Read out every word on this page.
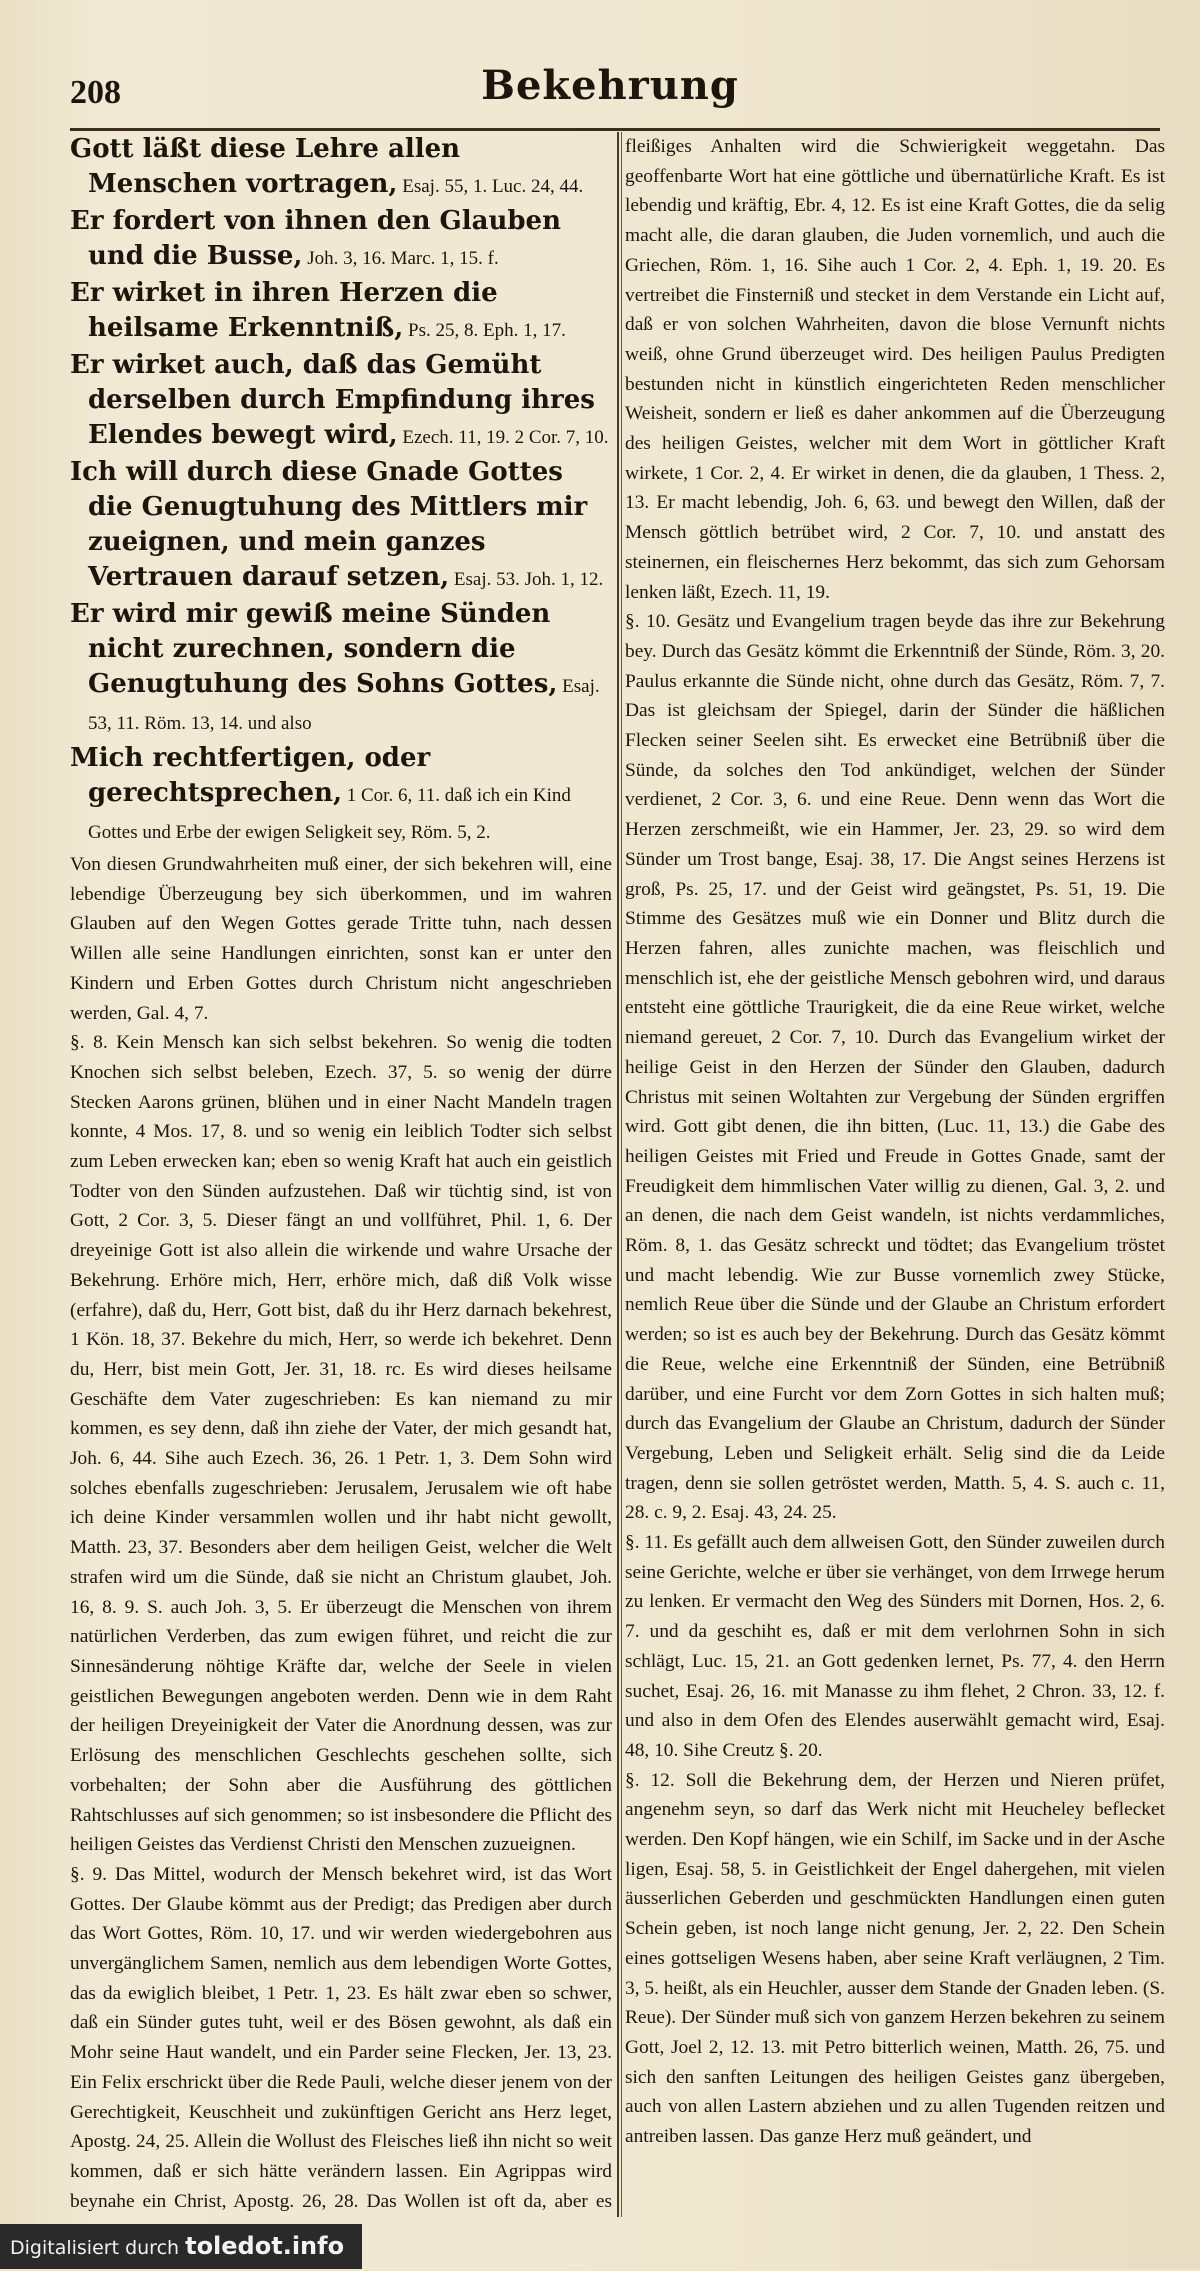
208	Bekehrung

Gott läßt diese Lehre allen Menschen vortragen, Esaj. 55, 1. Luc. 24, 44.

Er fordert von ihnen den Glauben und die Busse, Joh. 3, 16. Marc. 1, 15. f.

Er wirket in ihren Herzen die heilsame Erkenntniß, Ps. 25, 8. Eph. 1, 17.

Er wirket auch, daß das Gemüht derselben durch Empfindung ihres Elendes bewegt wird, Ezech. 11, 19. 2 Cor. 7, 10.

Ich will durch diese Gnade Gottes die Genugtuhung des Mittlers mir zueignen, und mein ganzes Vertrauen darauf setzen, Esaj. 53. Joh. 1, 12.

Er wird mir gewiß meine Sünden nicht zurechnen, sondern die Genugtuhung des Sohns Gottes, Esaj. 53, 11. Röm. 13, 14. und also

Mich rechtfertigen, oder gerechtsprechen, 1 Cor. 6, 11. daß ich ein Kind Gottes und Erbe der ewigen Seligkeit sey, Röm. 5, 2.

Von diesen Grundwahrheiten muß einer, der sich bekehren will, eine lebendige Überzeugung bey sich überkommen, und im wahren Glauben auf den Wegen Gottes gerade Tritte tuhn, nach dessen Willen alle seine Handlungen einrichten, sonst kan er unter den Kindern und Erben Gottes durch Christum nicht angeschrieben werden, Gal. 4, 7.

§. 8. Kein Mensch kan sich selbst bekehren. So wenig die todten Knochen sich selbst beleben, Ezech. 37, 5. so wenig der dürre Stecken Aarons grünen, blühen und in einer Nacht Mandeln tragen konnte, 4 Mos. 17, 8. und so wenig ein leiblich Todter sich selbst zum Leben erwecken kan; eben so wenig Kraft hat auch ein geistlich Todter von den Sünden aufzustehen. Daß wir tüchtig sind, ist von Gott, 2 Cor. 3, 5. Dieser fängt an und vollführet, Phil. 1, 6. Der dreyeinige Gott ist also allein die wirkende und wahre Ursache der Bekehrung. Erhöre mich, Herr, erhöre mich, daß diß Volk wisse (erfahre), daß du, Herr, Gott bist, daß du ihr Herz darnach bekehrest, 1 Kön. 18, 37. Bekehre du mich, Herr, so werde ich bekehret. Denn du, Herr, bist mein Gott, Jer. 31, 18. rc. Es wird dieses heilsame Geschäfte dem Vater zugeschrieben: Es kan niemand zu mir kommen, es sey denn, daß ihn ziehe der Vater, der mich gesandt hat, Joh. 6, 44. Sihe auch Ezech. 36, 26. 1 Petr. 1, 3. Dem Sohn wird solches ebenfalls zugeschrieben: Jerusalem, Jerusalem wie oft habe ich deine Kinder versammlen wollen und ihr habt nicht gewollt, Matth. 23, 37. Besonders aber dem heiligen Geist, welcher die Welt strafen wird um die Sünde, daß sie nicht an Christum glaubet, Joh. 16, 8. 9. S. auch Joh. 3, 5. Er überzeugt die Menschen von ihrem natürlichen Verderben, das zum ewigen führet, und reicht die zur Sinnesänderung nöhtige Kräfte dar, welche der Seele in vielen geistlichen Bewegungen angeboten werden. Denn wie in dem Raht der heiligen Dreyeinigkeit der Vater die Anordnung dessen, was zur Erlösung des menschlichen Geschlechts geschehen sollte, sich vorbehalten; der Sohn aber die Ausführung des göttlichen Rahtschlusses auf sich genommen; so ist insbesondere die Pflicht des heiligen Geistes das Verdienst Christi den Menschen zuzueignen.

§. 9. Das Mittel, wodurch der Mensch bekehret wird, ist das Wort Gottes. Der Glaube kömmt aus der Predigt; das Predigen aber durch das Wort Gottes, Röm. 10, 17. und wir werden wiedergebohren aus unvergänglichem Samen, nemlich aus dem lebendigen Worte Gottes, das da ewiglich bleibet, 1 Petr. 1, 23. Es hält zwar eben so schwer, daß ein Sünder gutes tuht, weil er des Bösen gewohnt, als daß ein Mohr seine Haut wandelt, und ein Parder seine Flecken, Jer. 13, 23. Ein Felix erschrickt über die Rede Pauli, welche dieser jenem von der Gerechtigkeit, Keuschheit und zukünftigen Gericht ans Herz leget, Apostg. 24, 25. Allein die Wollust des Fleisches ließ ihn nicht so weit kommen, daß er sich hätte verändern lassen. Ein Agrippas wird beynahe ein Christ, Apostg. 26, 28. Das Wollen ist oft da, aber es

fleißiges Anhalten wird die Schwierigkeit weggetahn. Das geoffenbarte Wort hat eine göttliche und übernatürliche Kraft. Es ist lebendig und kräftig, Ebr. 4, 12. Es ist eine Kraft Gottes, die da selig macht alle, die daran glauben, die Juden vornemlich, und auch die Griechen, Röm. 1, 16. Sihe auch 1 Cor. 2, 4. Eph. 1, 19. 20. Es vertreibet die Finsterniß und stecket in dem Verstande ein Licht auf, daß er von solchen Wahrheiten, davon die blose Vernunft nichts weiß, ohne Grund überzeuget wird. Des heiligen Paulus Predigten bestunden nicht in künstlich eingerichteten Reden menschlicher Weisheit, sondern er ließ es daher ankommen auf die Überzeugung des heiligen Geistes, welcher mit dem Wort in göttlicher Kraft wirkete, 1 Cor. 2, 4. Er wirket in denen, die da glauben, 1 Thess. 2, 13. Er macht lebendig, Joh. 6, 63. und bewegt den Willen, daß der Mensch göttlich betrübet wird, 2 Cor. 7, 10. und anstatt des steinernen, ein fleischernes Herz bekommt, das sich zum Gehorsam lenken läßt, Ezech. 11, 19.

§. 10. Gesätz und Evangelium tragen beyde das ihre zur Bekehrung bey. Durch das Gesätz kömmt die Erkenntniß der Sünde, Röm. 3, 20. Paulus erkannte die Sünde nicht, ohne durch das Gesätz, Röm. 7, 7. Das ist gleichsam der Spiegel, darin der Sünder die häßlichen Flecken seiner Seelen siht. Es erwecket eine Betrübniß über die Sünde, da solches den Tod ankündiget, welchen der Sünder verdienet, 2 Cor. 3, 6. und eine Reue. Denn wenn das Wort die Herzen zerschmeißt, wie ein Hammer, Jer. 23, 29. so wird dem Sünder um Trost bange, Esaj. 38, 17. Die Angst seines Herzens ist groß, Ps. 25, 17. und der Geist wird geängstet, Ps. 51, 19. Die Stimme des Gesätzes muß wie ein Donner und Blitz durch die Herzen fahren, alles zunichte machen, was fleischlich und menschlich ist, ehe der geistliche Mensch gebohren wird, und daraus entsteht eine göttliche Traurigkeit, die da eine Reue wirket, welche niemand gereuet, 2 Cor. 7, 10. Durch das Evangelium wirket der heilige Geist in den Herzen der Sünder den Glauben, dadurch Christus mit seinen Woltahten zur Vergebung der Sünden ergriffen wird. Gott gibt denen, die ihn bitten, (Luc. 11, 13.) die Gabe des heiligen Geistes mit Fried und Freude in Gottes Gnade, samt der Freudigkeit dem himmlischen Vater willig zu dienen, Gal. 3, 2. und an denen, die nach dem Geist wandeln, ist nichts verdammliches, Röm. 8, 1. das Gesätz schreckt und tödtet; das Evangelium tröstet und macht lebendig. Wie zur Busse vornemlich zwey Stücke, nemlich Reue über die Sünde und der Glaube an Christum erfordert werden; so ist es auch bey der Bekehrung. Durch das Gesätz kömmt die Reue, welche eine Erkenntniß der Sünden, eine Betrübniß darüber, und eine Furcht vor dem Zorn Gottes in sich halten muß; durch das Evangelium der Glaube an Christum, dadurch der Sünder Vergebung, Leben und Seligkeit erhält. Selig sind die da Leide tragen, denn sie sollen getröstet werden, Matth. 5, 4. S. auch c. 11, 28. c. 9, 2. Esaj. 43, 24. 25.

§. 11. Es gefällt auch dem allweisen Gott, den Sünder zuweilen durch seine Gerichte, welche er über sie verhänget, von dem Irrwege herum zu lenken. Er vermacht den Weg des Sünders mit Dornen, Hos. 2, 6. 7. und da geschiht es, daß er mit dem verlohrnen Sohn in sich schlägt, Luc. 15, 21. an Gott gedenken lernet, Ps. 77, 4. den Herrn suchet, Esaj. 26, 16. mit Manasse zu ihm flehet, 2 Chron. 33, 12. f. und also in dem Ofen des Elendes auserwählt gemacht wird, Esaj. 48, 10. Sihe Creutz §. 20.

§. 12. Soll die Bekehrung dem, der Herzen und Nieren prüfet, angenehm seyn, so darf das Werk nicht mit Heucheley beflecket werden. Den Kopf hängen, wie ein Schilf, im Sacke und in der Asche ligen, Esaj. 58, 5. in Geistlichkeit der Engel dahergehen, mit vielen äusserlichen Geberden und geschmückten Handlungen einen guten Schein geben, ist noch lange nicht genung, Jer. 2, 22. Den Schein eines gottseligen Wesens haben, aber seine Kraft verläugnen, 2 Tim. 3, 5. heißt, als ein Heuchler, ausser dem Stande der Gnaden leben. (S. Reue). Der Sünder muß sich von ganzem Herzen bekehren zu seinem Gott, Joel 2, 12. 13. mit Petro bitterlich weinen, Matth. 26, 75. und sich den sanften Leitungen des heiligen Geistes ganz übergeben, auch von allen Lastern abziehen und zu allen Tugenden reitzen und antreiben lassen. Das ganze Herz muß geändert, und

Digitalisiert durch toledot.info
